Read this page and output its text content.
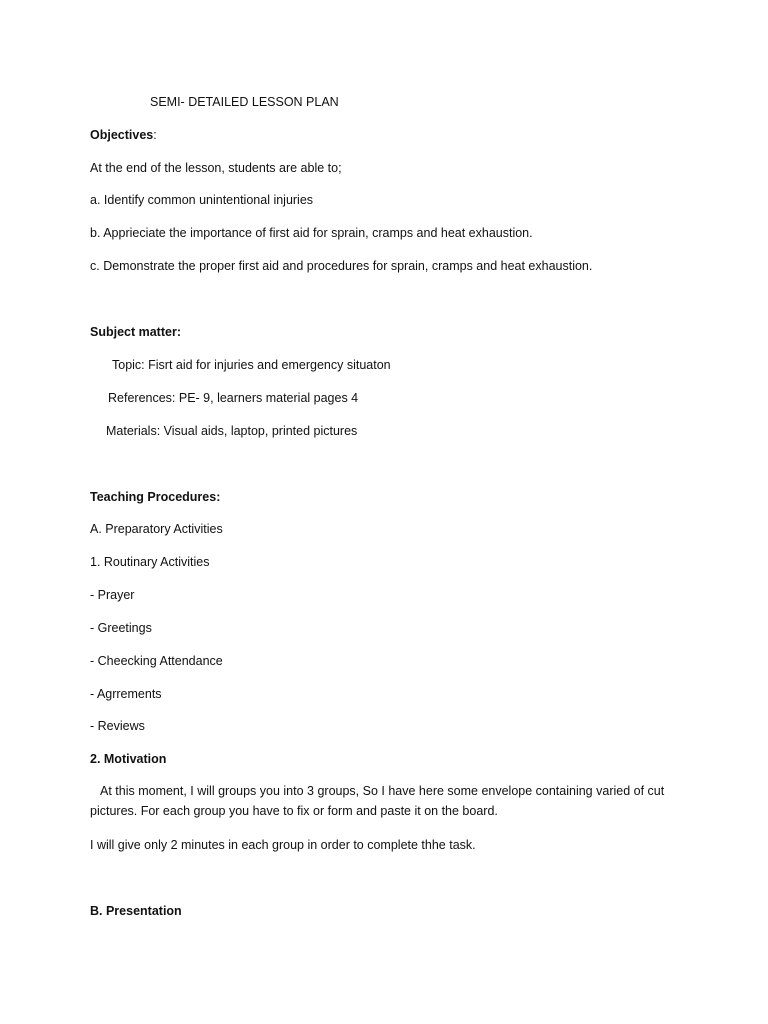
SEMI- DETAILED LESSON PLAN
Objectives:
At the end of the lesson, students are able to;
a. Identify common unintentional injuries
b. Apprieciate the importance of first aid for sprain, cramps and heat exhaustion.
c. Demonstrate the proper first aid and procedures for sprain, cramps and heat exhaustion.
Subject matter:
Topic: Fisrt aid for injuries and emergency situaton
References: PE- 9, learners material pages 4
Materials: Visual aids, laptop, printed pictures
Teaching Procedures:
A. Preparatory Activities
1. Routinary Activities
- Prayer
- Greetings
- Cheecking Attendance
- Agrrements
- Reviews
2. Motivation
At this moment, I will groups you into 3 groups, So I have here some envelope containing varied of cut pictures. For each group you have to fix or form and paste it on the board.
I will give only 2 minutes in each group in order to complete thhe task.
B. Presentation
